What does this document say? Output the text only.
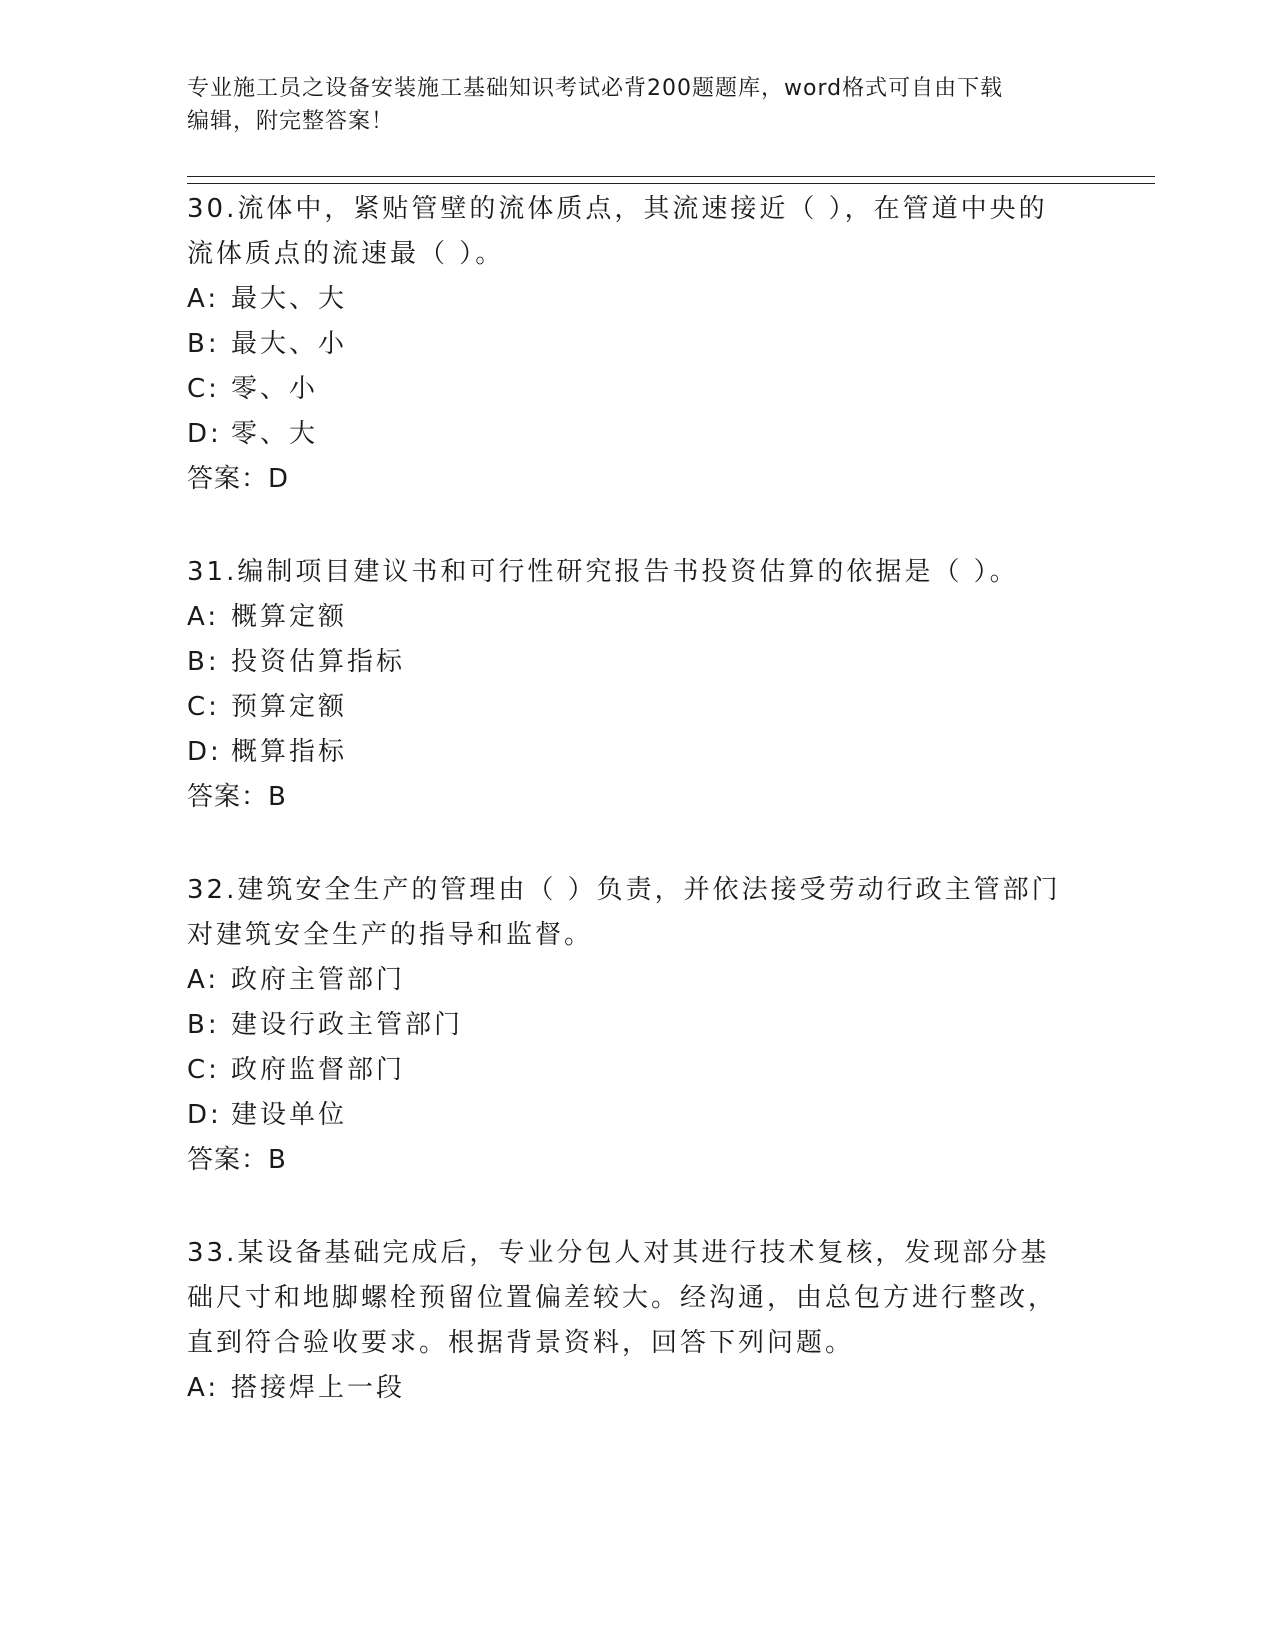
专业施工员之设备安装施工基础知识考试必背200题题库，word格式可自由下载
编辑，附完整答案！

30.流体中，紧贴管壁的流体质点，其流速接近（ ），在管道中央的流体质点的流速最（ ）。

A: 最大、大

B: 最大、小

C: 零、小

D: 零、大

答案：D

31.编制项目建议书和可行性研究报告书投资估算的依据是（ ）。

A: 概算定额

B: 投资估算指标

C: 预算定额

D: 概算指标

答案：B

32.建筑安全生产的管理由（ ）负责，并依法接受劳动行政主管部门对建筑安全生产的指导和监督。

A: 政府主管部门

B: 建设行政主管部门

C: 政府监督部门

D: 建设单位

答案：B

33.某设备基础完成后，专业分包人对其进行技术复核，发现部分基础尺寸和地脚螺栓预留位置偏差较大。经沟通，由总包方进行整改，直到符合验收要求。根据背景资料，回答下列问题。

A: 搭接焊上一段
